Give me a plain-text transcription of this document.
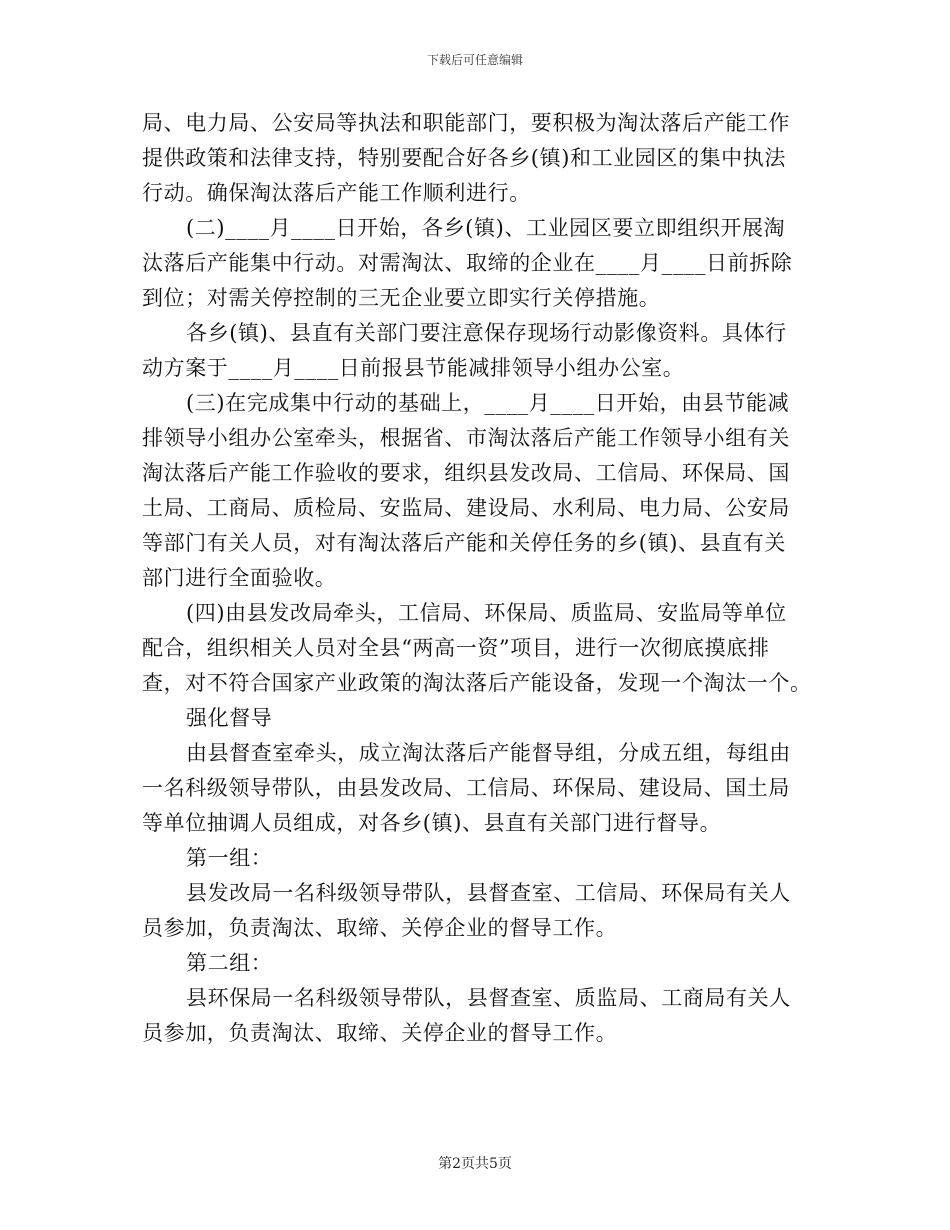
下载后可任意编辑
局、电力局、公安局等执法和职能部门，要积极为淘汰落后产能工作
提供政策和法律支持，特别要配合好各乡(镇)和工业园区的集中执法
行动。确保淘汰落后产能工作顺利进行。
(二)____月____日开始，各乡(镇)、工业园区要立即组织开展淘
汰落后产能集中行动。对需淘汰、取缔的企业在____月____日前拆除
到位；对需关停控制的三无企业要立即实行关停措施。
各乡(镇)、县直有关部门要注意保存现场行动影像资料。具体行
动方案于____月____日前报县节能减排领导小组办公室。
(三)在完成集中行动的基础上，____月____日开始，由县节能减
排领导小组办公室牵头，根据省、市淘汰落后产能工作领导小组有关
淘汰落后产能工作验收的要求，组织县发改局、工信局、环保局、国
土局、工商局、质检局、安监局、建设局、水利局、电力局、公安局
等部门有关人员，对有淘汰落后产能和关停任务的乡(镇)、县直有关
部门进行全面验收。
(四)由县发改局牵头，工信局、环保局、质监局、安监局等单位
配合，组织相关人员对全县“两高一资”项目，进行一次彻底摸底排
查，对不符合国家产业政策的淘汰落后产能设备，发现一个淘汰一个。
强化督导
由县督查室牵头，成立淘汰落后产能督导组，分成五组，每组由
一名科级领导带队，由县发改局、工信局、环保局、建设局、国土局
等单位抽调人员组成，对各乡(镇)、县直有关部门进行督导。
第一组：
县发改局一名科级领导带队，县督查室、工信局、环保局有关人
员参加，负责淘汰、取缔、关停企业的督导工作。
第二组：
县环保局一名科级领导带队，县督查室、质监局、工商局有关人
员参加，负责淘汰、取缔、关停企业的督导工作。
第2页共5页
